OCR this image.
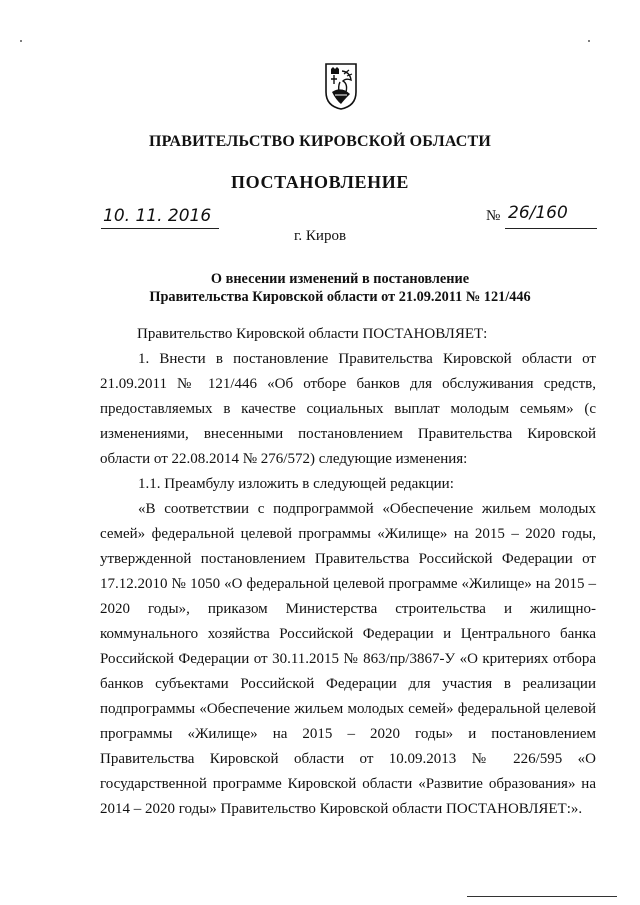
ПРАВИТЕЛЬСТВО КИРОВСКОЙ ОБЛАСТИ
ПОСТАНОВЛЕНИЕ
10. 11. 2016	№ 26/160
г. Киров
О внесении изменений в постановление
Правительства Кировской области от 21.09.2011 № 121/446

Правительство Кировской области ПОСТАНОВЛЯЕТ:

1. Внести в постановление Правительства Кировской области от 21.09.2011 № 121/446 «Об отборе банков для обслуживания средств, предоставляемых в качестве социальных выплат молодым семьям» (с изменениями, внесенными постановлением Правительства Кировской области от 22.08.2014 № 276/572) следующие изменения:

1.1. Преамбулу изложить в следующей редакции:

«В соответствии с подпрограммой «Обеспечение жильем молодых семей» федеральной целевой программы «Жилище» на 2015 – 2020 годы, утвержденной постановлением Правительства Российской Федерации от 17.12.2010 № 1050 «О федеральной целевой программе «Жилище» на 2015 – 2020 годы», приказом Министерства строительства и жилищно-коммунального хозяйства Российской Федерации и Центрального банка Российской Федерации от 30.11.2015 № 863/пр/3867-У «О критериях отбора банков субъектами Российской Федерации для участия в реализации подпрограммы «Обеспечение жильем молодых семей» федеральной целевой программы «Жилище» на 2015 – 2020 годы» и постановлением Правительства Кировской области от 10.09.2013 № 226/595 «О государственной программе Кировской области «Развитие образования» на 2014 – 2020 годы» Правительство Кировской области ПОСТАНОВЛЯЕТ:».
